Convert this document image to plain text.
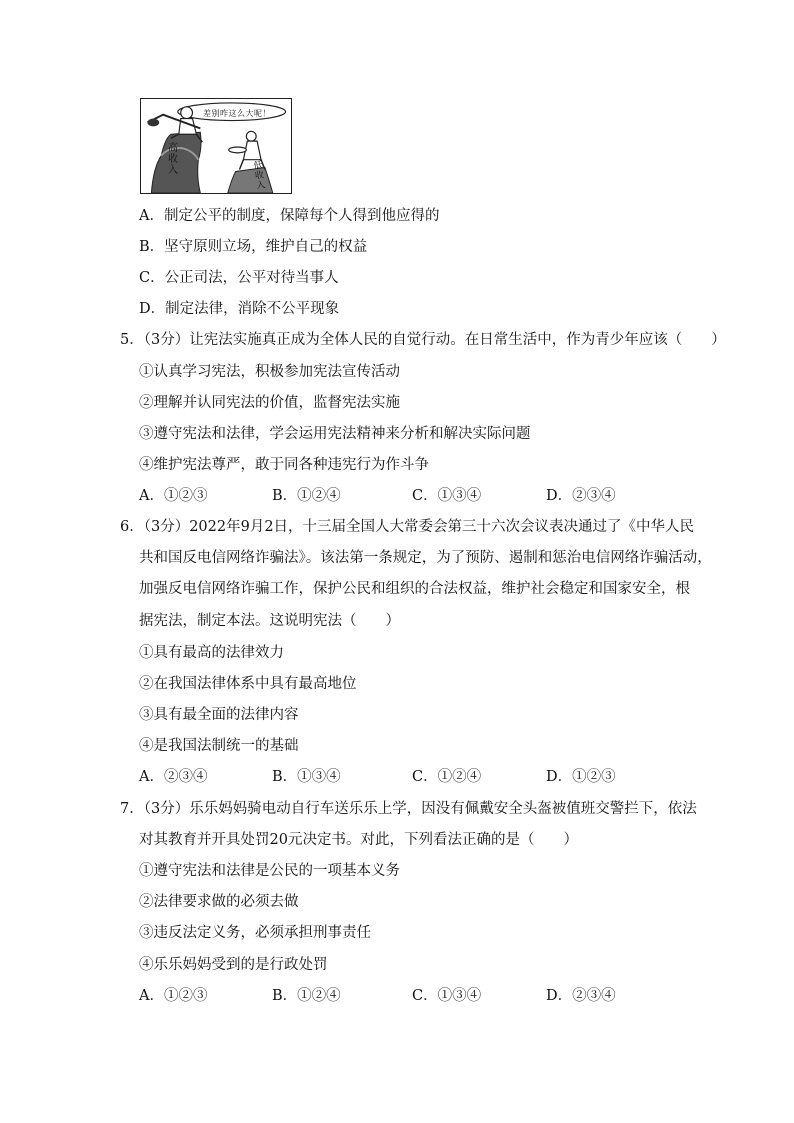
差别咋这么大呢！
高收入	低收入
A．制定公平的制度，保障每个人得到他应得的
B．坚守原则立场，维护自己的权益
C．公正司法，公平对待当事人
D．制定法律，消除不公平现象
5．（3分）让宪法实施真正成为全体人民的自觉行动。在日常生活中，作为青少年应该（　　）
①认真学习宪法，积极参加宪法宣传活动
②理解并认同宪法的价值，监督宪法实施
③遵守宪法和法律，学会运用宪法精神来分析和解决实际问题
④维护宪法尊严，敢于同各种违宪行为作斗争
A．①②③	B．①②④	C．①③④	D．②③④
6．（3分）2022年9月2日，十三届全国人大常委会第三十六次会议表决通过了《中华人民
共和国反电信网络诈骗法》。该法第一条规定，为了预防、遏制和惩治电信网络诈骗活动，
加强反电信网络诈骗工作，保护公民和组织的合法权益，维护社会稳定和国家安全，根
据宪法，制定本法。这说明宪法（　　）
①具有最高的法律效力
②在我国法律体系中具有最高地位
③具有最全面的法律内容
④是我国法制统一的基础
A．②③④	B．①③④	C．①②④	D．①②③
7．（3分）乐乐妈妈骑电动自行车送乐乐上学，因没有佩戴安全头盔被值班交警拦下，依法
对其教育并开具处罚20元决定书。对此，下列看法正确的是（　　）
①遵守宪法和法律是公民的一项基本义务
②法律要求做的必须去做
③违反法定义务，必须承担刑事责任
④乐乐妈妈受到的是行政处罚
A．①②③	B．①②④	C．①③④	D．②③④
